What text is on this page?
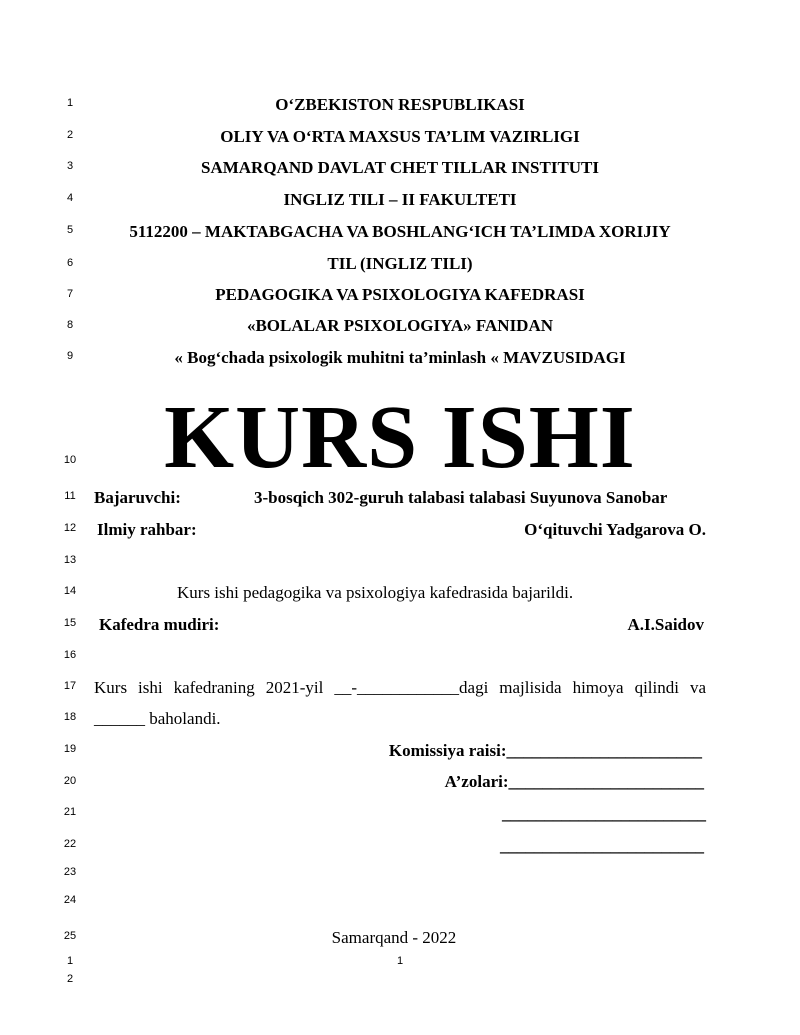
1
2
3
4
5
6
7
8
9
10
11
12
13
14
15
16
17
18
19
20
21
22
23
24
25
1
2
O‘ZBEKISTON RESPUBLIKASI
OLIY VA O‘RTA MAXSUS TA’LIM VAZIRLIGI
SAMARQAND DAVLAT CHET TILLAR INSTITUTI
INGLIZ TILI – II FAKULTETI
5112200 – MAKTABGACHA VA BOSHLANG‘ICH TA’LIMDA XORIJIY
TIL (INGLIZ TILI)
PEDAGOGIKA VA PSIXOLOGIYA KAFEDRASI
«BOLALAR PSIXOLOGIYA» FANIDAN
« Bog‘chada psixologik muhitni ta’minlash « MAVZUSIDAGI
KURS ISHI
Bajaruvchi:	3-bosqich 302-guruh talabasi talabasi Suyunova Sanobar
Ilmiy rahbar:	O‘qituvchi Yadgarova O.
Kurs ishi pedagogika va psixologiya kafedrasida bajarildi.
Kafedra mudiri:	A.I.Saidov
Kurs ishi kafedraning 2021-yil __-____________dagi majlisida himoya qilindi va
______ baholandi.
Komissiya raisi:_______________________
A’zolari:_______________________
________________________
________________________
Samarqand - 2022
1
